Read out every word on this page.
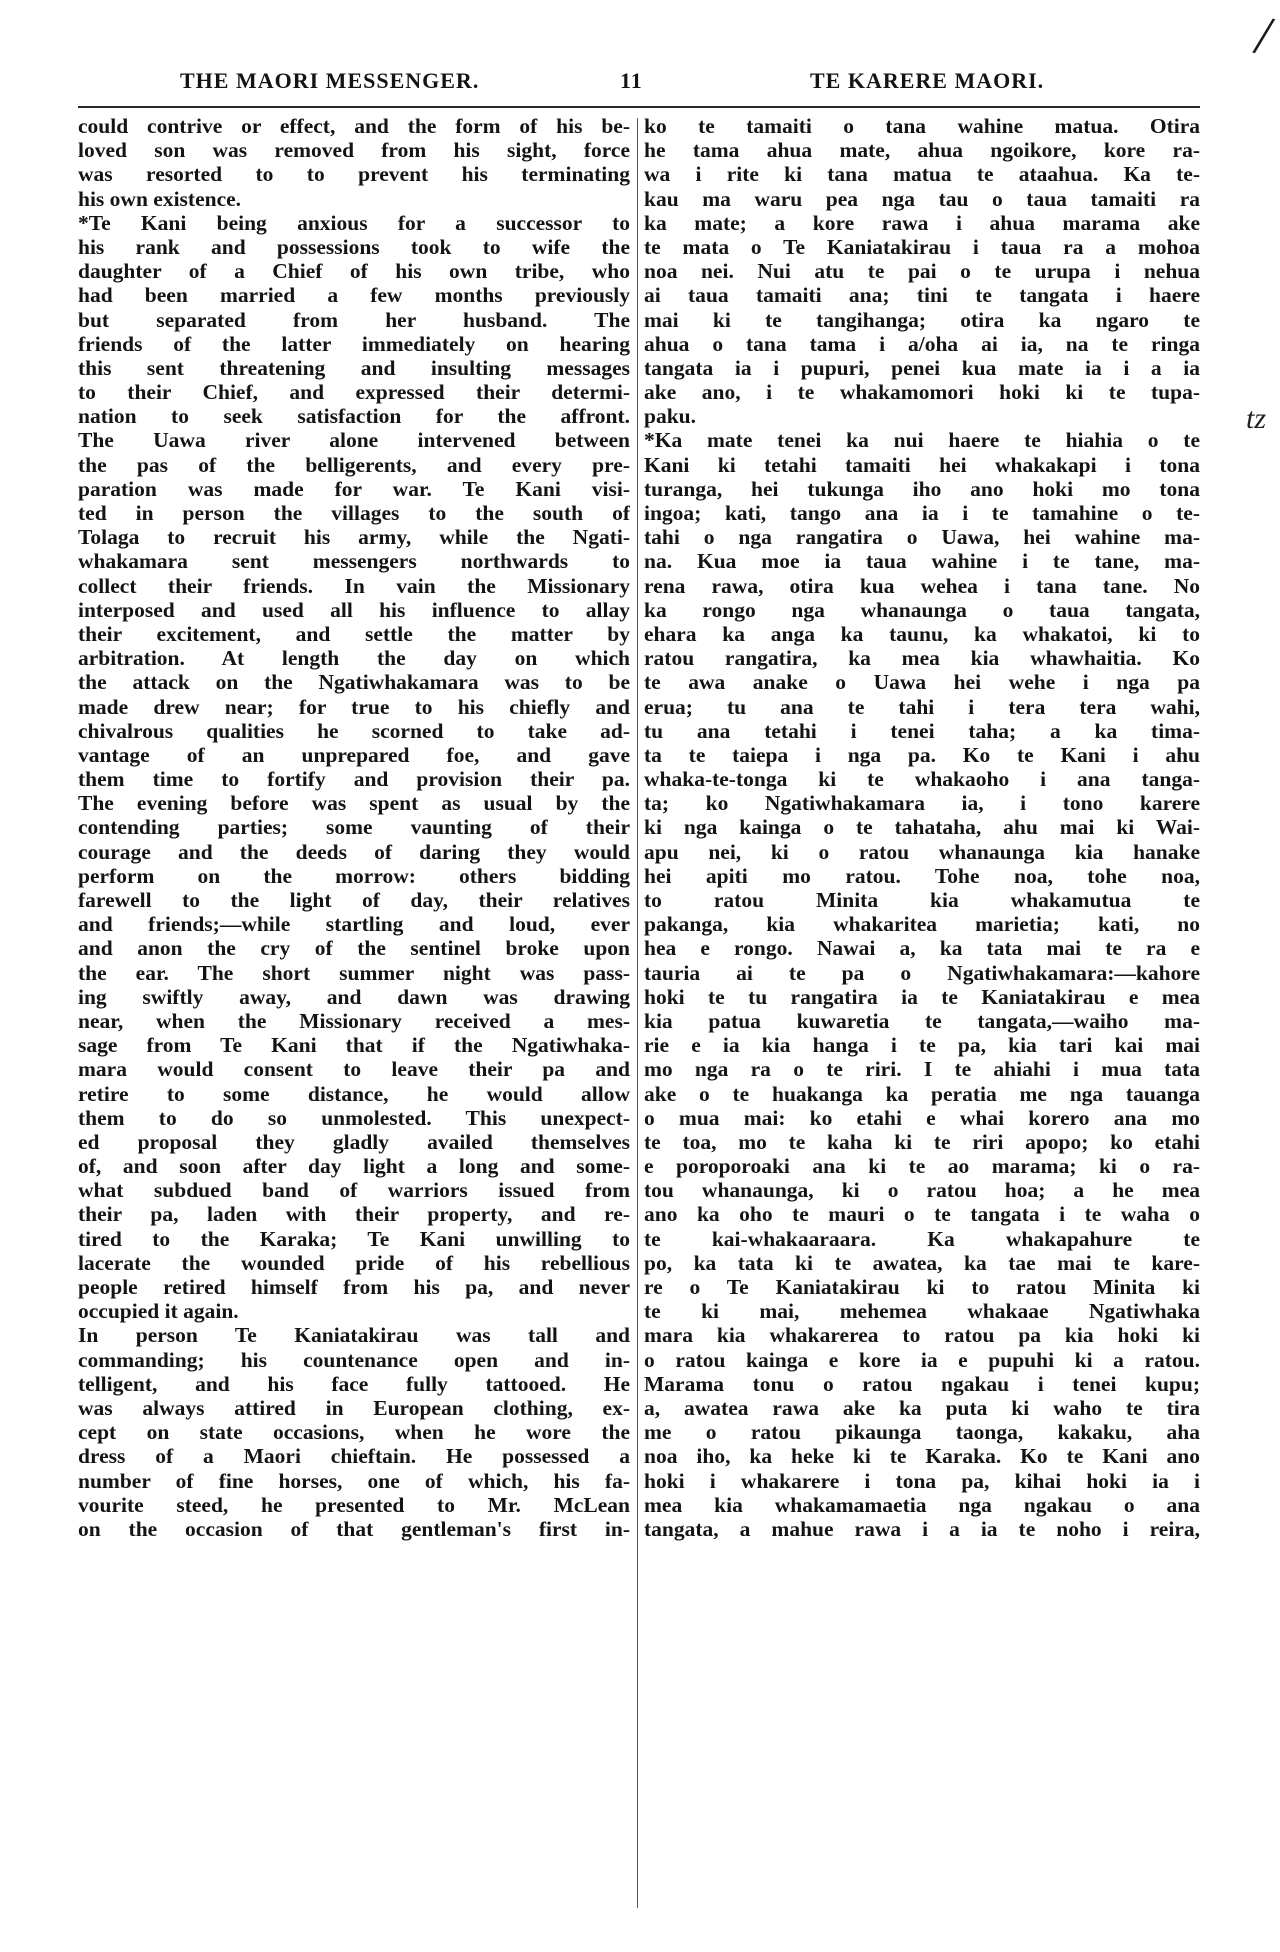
/
THE MAORI MESSENGER.	11	TE KARERE MAORI.
could contrive or effect, and the form of his be-
loved son was removed from his sight, force
was resorted to to prevent his terminating
his own existence.
*Te Kani being anxious for a successor to
his rank and possessions took to wife the
daughter of a Chief of his own tribe, who
had been married a few months previously
but separated from her husband. The
friends of the latter immediately on hearing
this sent threatening and insulting messages
to their Chief, and expressed their determi-
nation to seek satisfaction for the affront.
The Uawa river alone intervened between
the pas of the belligerents, and every pre-
paration was made for war. Te Kani visi-
ted in person the villages to the south of
Tolaga to recruit his army, while the Ngati-
whakamara sent messengers northwards to
collect their friends. In vain the Missionary
interposed and used all his influence to allay
their excitement, and settle the matter by
arbitration. At length the day on which
the attack on the Ngatiwhakamara was to be
made drew near; for true to his chiefly and
chivalrous qualities he scorned to take ad-
vantage of an unprepared foe, and gave
them time to fortify and provision their pa.
The evening before was spent as usual by the
contending parties; some vaunting of their
courage and the deeds of daring they would
perform on the morrow: others bidding
farewell to the light of day, their relatives
and friends;—while startling and loud, ever
and anon the cry of the sentinel broke upon
the ear. The short summer night was pass-
ing swiftly away, and dawn was drawing
near, when the Missionary received a mes-
sage from Te Kani that if the Ngatiwhaka-
mara would consent to leave their pa and
retire to some distance, he would allow
them to do so unmolested. This unexpect-
ed proposal they gladly availed themselves
of, and soon after day light a long and some-
what subdued band of warriors issued from
their pa, laden with their property, and re-
tired to the Karaka; Te Kani unwilling to
lacerate the wounded pride of his rebellious
people retired himself from his pa, and never
occupied it again.
In person Te Kaniatakirau was tall and
commanding; his countenance open and in-
telligent, and his face fully tattooed. He
was always attired in European clothing, ex-
cept on state occasions, when he wore the
dress of a Maori chieftain. He possessed a
number of fine horses, one of which, his fa-
vourite steed, he presented to Mr. McLean
on the occasion of that gentleman's first in-
ko te tamaiti o tana wahine matua. Otira
he tama ahua mate, ahua ngoikore, kore ra-
wa i rite ki tana matua te ataahua. Ka te-
kau ma waru pea nga tau o taua tamaiti ra
ka mate; a kore rawa i ahua marama ake
te mata o Te Kaniatakirau i taua ra a mohoa
noa nei. Nui atu te pai o te urupa i nehua
ai taua tamaiti ana; tini te tangata i haere
mai ki te tangihanga; otira ka ngaro te
ahua o tana tama i a/oha ai ia, na te ringa
tangata ia i pupuri, penei kua mate ia i a ia
ake ano, i te whakamomori hoki ki te tupa-
paku.
*Ka mate tenei ka nui haere te hiahia o te
Kani ki tetahi tamaiti hei whakakapi i tona
turanga, hei tukunga iho ano hoki mo tona
ingoa; kati, tango ana ia i te tamahine o te-
tahi o nga rangatira o Uawa, hei wahine ma-
na. Kua moe ia taua wahine i te tane, ma-
rena rawa, otira kua wehea i tana tane. No
ka rongo nga whanaunga o taua tangata,
ehara ka anga ka taunu, ka whakatoi, ki to
ratou rangatira, ka mea kia whawhaitia. Ko
te awa anake o Uawa hei wehe i nga pa
erua; tu ana te tahi i tera tera wahi,
tu ana tetahi i tenei taha; a ka tima-
ta te taiepa i nga pa. Ko te Kani i ahu
whaka-te-tonga ki te whakaoho i ana tanga-
ta; ko Ngatiwhakamara ia, i tono karere
ki nga kainga o te tahataha, ahu mai ki Wai-
apu nei, ki o ratou whanaunga kia hanake
hei apiti mo ratou. Tohe noa, tohe noa,
to ratou Minita kia whakamutua te
pakanga, kia whakaritea marietia; kati, no
hea e rongo. Nawai a, ka tata mai te ra e
tauria ai te pa o Ngatiwhakamara:—kahore
hoki te tu rangatira ia te Kaniatakirau e mea
kia patua kuwaretia te tangata,—waiho ma-
rie e ia kia hanga i te pa, kia tari kai mai
mo nga ra o te riri. I te ahiahi i mua tata
ake o te huakanga ka peratia me nga tauanga
o mua mai: ko etahi e whai korero ana mo
te toa, mo te kaha ki te riri apopo; ko etahi
e poroporoaki ana ki te ao marama; ki o ra-
tou whanaunga, ki o ratou hoa; a he mea
ano ka oho te mauri o te tangata i te waha o
te kai-whakaaraara. Ka whakapahure te
po, ka tata ki te awatea, ka tae mai te kare-
re o Te Kaniatakirau ki to ratou Minita ki
te ki mai, mehemea whakaae Ngatiwhaka
mara kia whakarerea to ratou pa kia hoki ki
o ratou kainga e kore ia e pupuhi ki a ratou.
Marama tonu o ratou ngakau i tenei kupu;
a, awatea rawa ake ka puta ki waho te tira
me o ratou pikaunga taonga, kakaku, aha
noa iho, ka heke ki te Karaka. Ko te Kani ano
hoki i whakarere i tona pa, kihai hoki ia i
mea kia whakamamaetia nga ngakau o ana
tangata, a mahue rawa i a ia te noho i reira,
tz
